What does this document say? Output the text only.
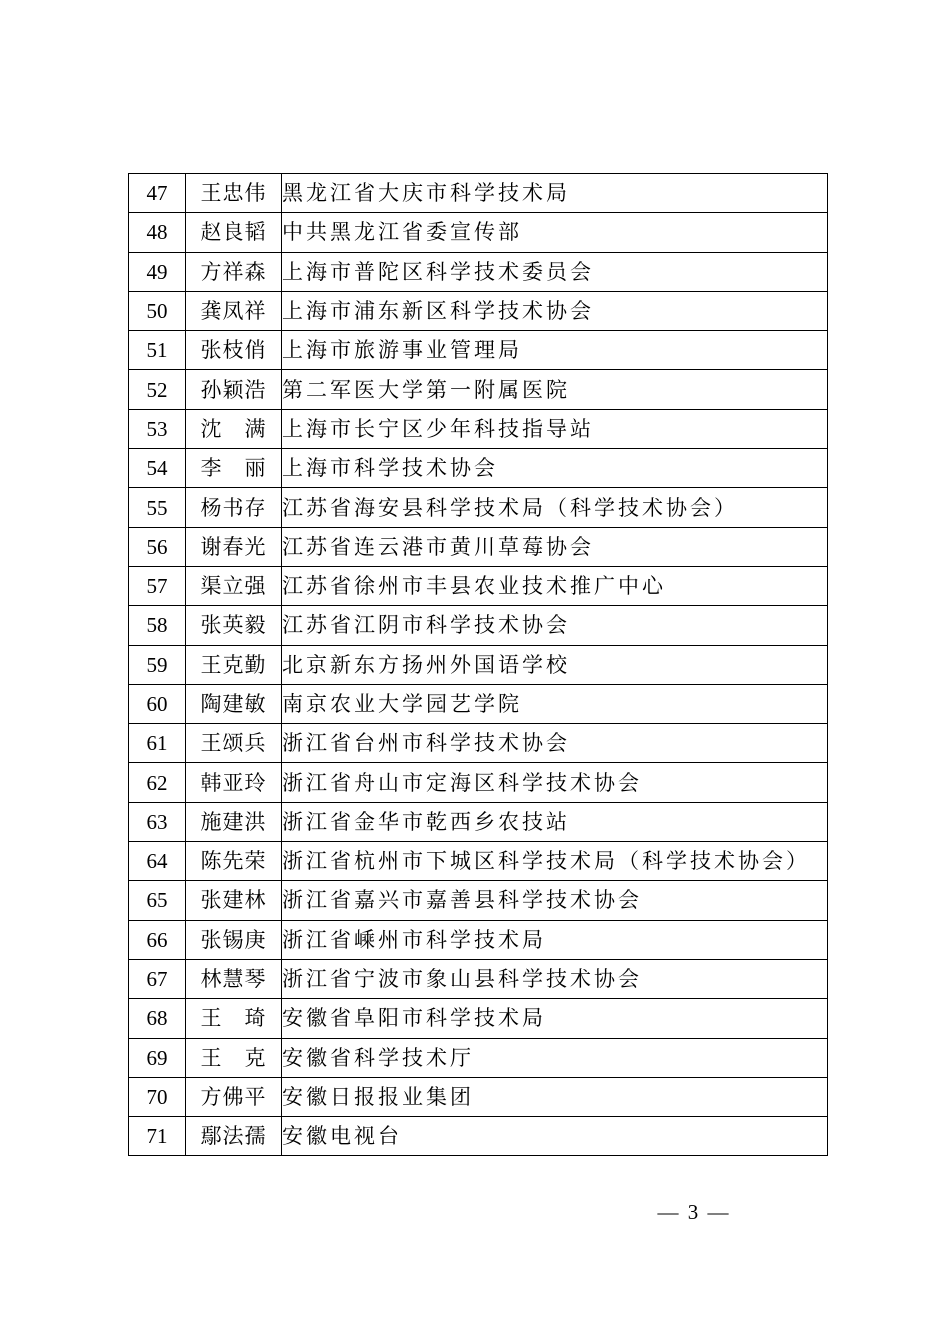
47	王忠伟	黑龙江省大庆市科学技术局
48	赵良韬	中共黑龙江省委宣传部
49	方祥森	上海市普陀区科学技术委员会
50	龚凤祥	上海市浦东新区科学技术协会
51	张枝俏	上海市旅游事业管理局
52	孙颖浩	第二军医大学第一附属医院
53	沈　满	上海市长宁区少年科技指导站
54	李　丽	上海市科学技术协会
55	杨书存	江苏省海安县科学技术局（科学技术协会）
56	谢春光	江苏省连云港市黄川草莓协会
57	渠立强	江苏省徐州市丰县农业技术推广中心
58	张英毅	江苏省江阴市科学技术协会
59	王克勤	北京新东方扬州外国语学校
60	陶建敏	南京农业大学园艺学院
61	王颂兵	浙江省台州市科学技术协会
62	韩亚玲	浙江省舟山市定海区科学技术协会
63	施建洪	浙江省金华市乾西乡农技站
64	陈先荣	浙江省杭州市下城区科学技术局（科学技术协会）
65	张建林	浙江省嘉兴市嘉善县科学技术协会
66	张锡庚	浙江省嵊州市科学技术局
67	林慧琴	浙江省宁波市象山县科学技术协会
68	王　琦	安徽省阜阳市科学技术局
69	王　克	安徽省科学技术厅
70	方佛平	安徽日报报业集团
71	鄢法孺	安徽电视台
— 3 —
